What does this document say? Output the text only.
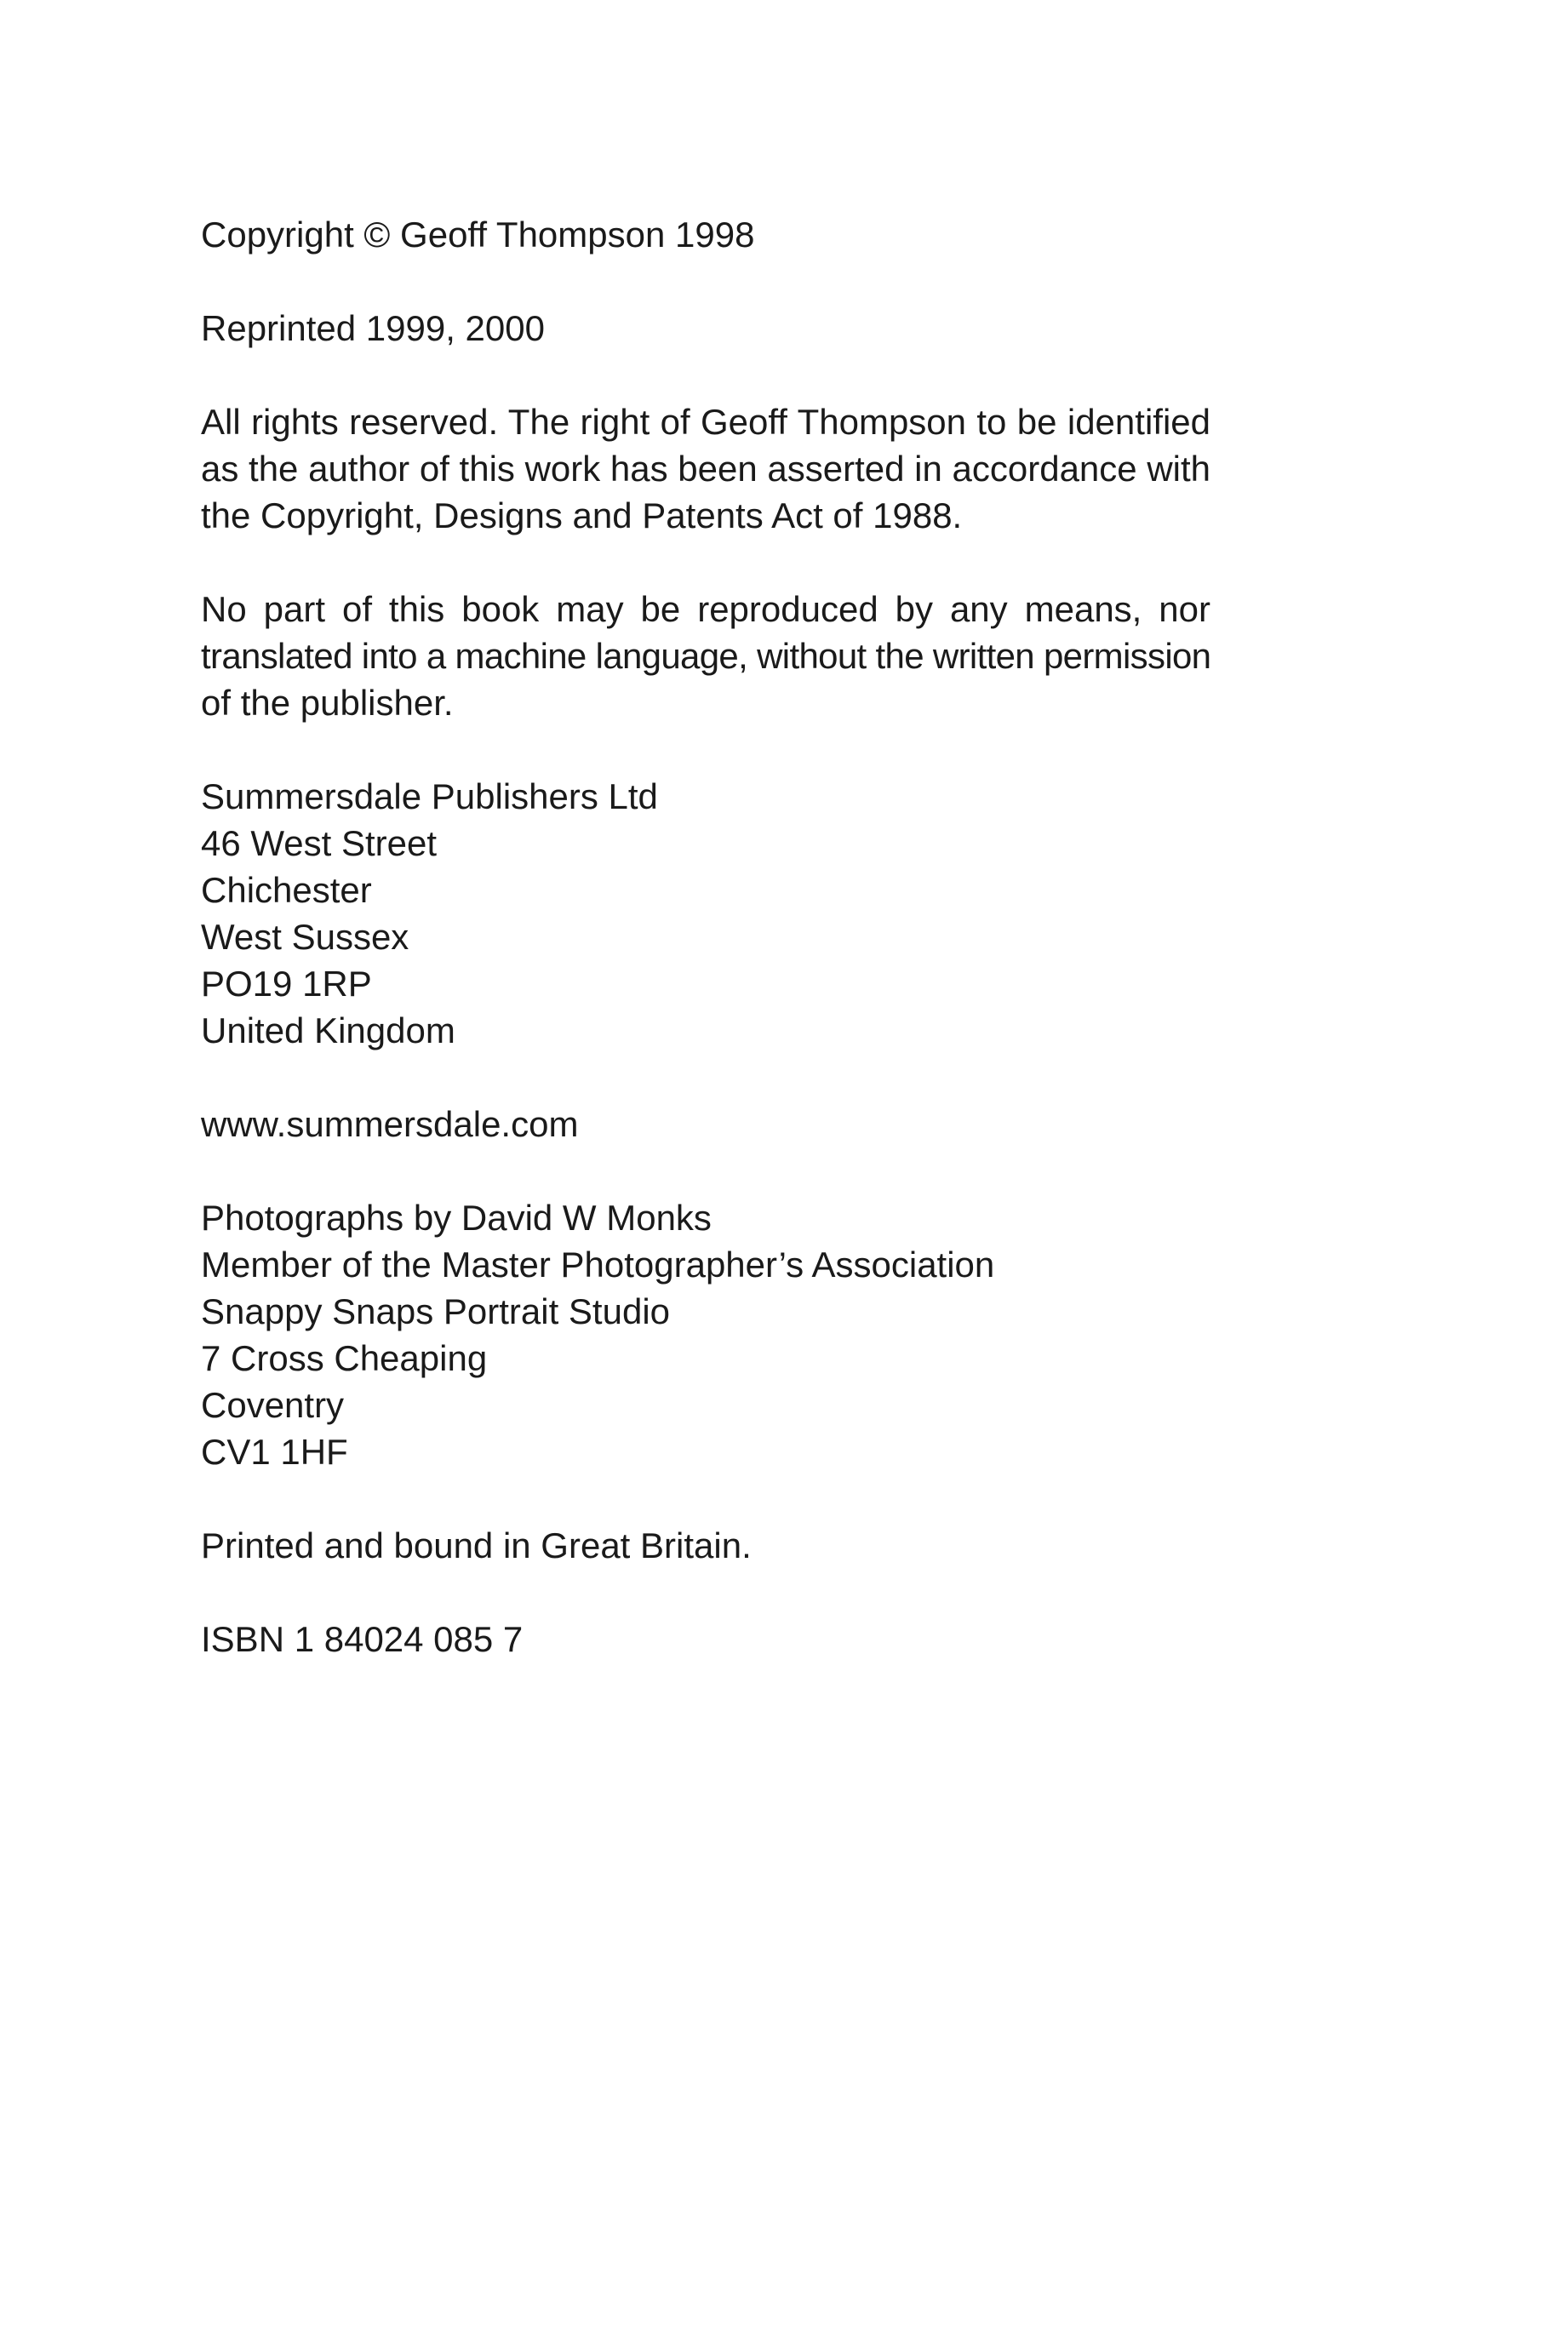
Copyright © Geoff Thompson 1998
Reprinted 1999, 2000
All rights reserved. The right of Geoff Thompson to be identified
as the author of this work has been asserted in accordance with
the Copyright, Designs and Patents Act of 1988.
No part of this book may be reproduced by any means, nor
translated into a machine language, without the written permission
of the publisher.
Summersdale Publishers Ltd
46 West Street
Chichester
West Sussex
PO19 1RP
United Kingdom
www.summersdale.com
Photographs by David W Monks
Member of the Master Photographer’s Association
Snappy Snaps Portrait Studio
7 Cross Cheaping
Coventry
CV1 1HF
Printed and bound in Great Britain.
ISBN 1 84024 085 7
